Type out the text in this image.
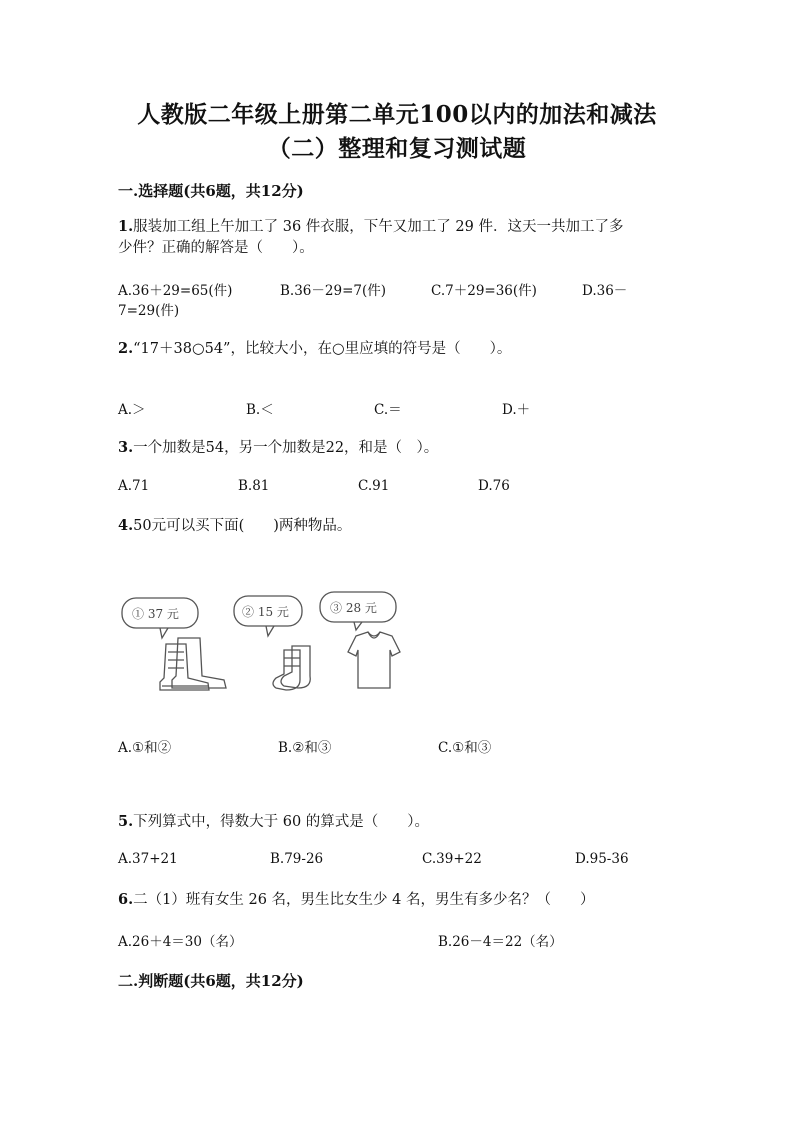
人教版二年级上册第二单元100以内的加法和减法
（二）整理和复习测试题
一.选择题(共6题，共12分)
1.服装加工组上午加工了 36 件衣服，下午又加工了 29 件．这天一共加工了多
少件？正确的解答是（　　）。
A.36＋29=65(件)	B.36－29=7(件)	C.7＋29=36(件)	D.36－
7=29(件)
2.“17＋38○54”，比较大小，在○里应填的符号是（　　）。
A.＞	B.＜	C.＝	D.＋
3.一个加数是54，另一个加数是22，和是（　）。
A.71	B.81	C.91	D.76
4.50元可以买下面(　　)两种物品。
① 37 元	② 15 元	③ 28 元
A.①和②	B.②和③	C.①和③
5.下列算式中，得数大于 60 的算式是（　　）。
A.37+21	B.79-26	C.39+22	D.95-36
6.二（1）班有女生 26 名，男生比女生少 4 名，男生有多少名？（　　）
A.26＋4＝30（名）	B.26－4＝22（名）
二.判断题(共6题，共12分)
